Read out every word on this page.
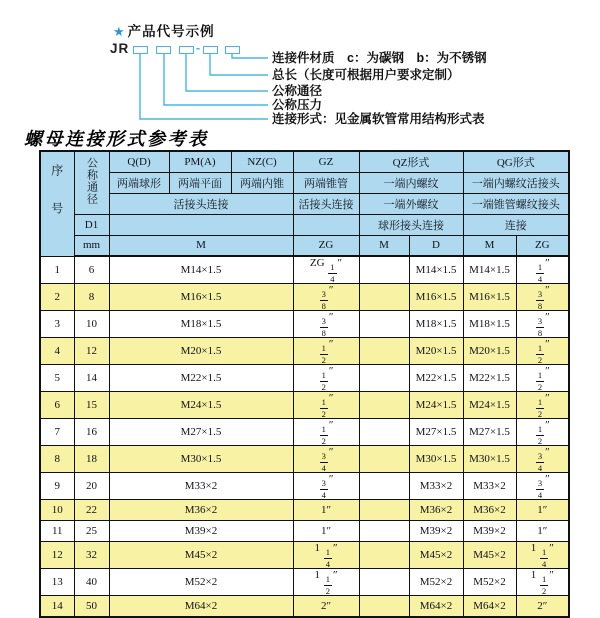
★ 产品代号示例
JR	-
连接件材质　c：为碳钢　b：为不锈钢
总长（长度可根据用户要求定制）
公称通径
公称压力
连接形式：见金属软管常用结构形式表
螺母连接形式参考表
序号	公称通径	Q(D)	PM(A)	NZ(C)	GZ	QZ形式		QG形式	
		两端球形	两端平面	两端内锥	两端锥管	一端内螺纹		一端内螺纹活接头	
		活接头连接			活接头连接	一端外螺纹		一端锥管螺纹接头	
	D1					球形接头连接		连接	
	mm	M			ZG	M	D	M	ZG
1	6	M14×1.5			ZG $\frac{1}{4}$ ″		M14×1.5	M14×1.5	$\frac{1}{4}$ ″
2	8	M16×1.5			$\frac{3}{8}$ ″		M16×1.5	M16×1.5	$\frac{3}{8}$ ″
3	10	M18×1.5			$\frac{3}{8}$ ″		M18×1.5	M18×1.5	$\frac{3}{8}$ ″
4	12	M20×1.5			$\frac{1}{2}$ ″		M20×1.5	M20×1.5	$\frac{1}{2}$ ″
5	14	M22×1.5			$\frac{1}{2}$ ″		M22×1.5	M22×1.5	$\frac{1}{2}$ ″
6	15	M24×1.5			$\frac{1}{2}$ ″		M24×1.5	M24×1.5	$\frac{1}{2}$ ″
7	16	M27×1.5			$\frac{1}{2}$ ″		M27×1.5	M27×1.5	$\frac{1}{2}$ ″
8	18	M30×1.5			$\frac{3}{4}$ ″		M30×1.5	M30×1.5	$\frac{3}{4}$ ″
9	20	M33×2			$\frac{3}{4}$ ″		M33×2	M33×2	$\frac{3}{4}$ ″
10	22	M36×2			1″		M36×2	M36×2	1″
11	25	M39×2			1″		M39×2	M39×2	1″
12	32	M45×2			$1 \frac{1}{4}$ ″		M45×2	M45×2	$1 \frac{1}{4}$ ″
13	40	M52×2			$1 \frac{1}{2}$ ″		M52×2	M52×2	$1 \frac{1}{2}$ ″
14	50	M64×2			2″		M64×2	M64×2	2″
